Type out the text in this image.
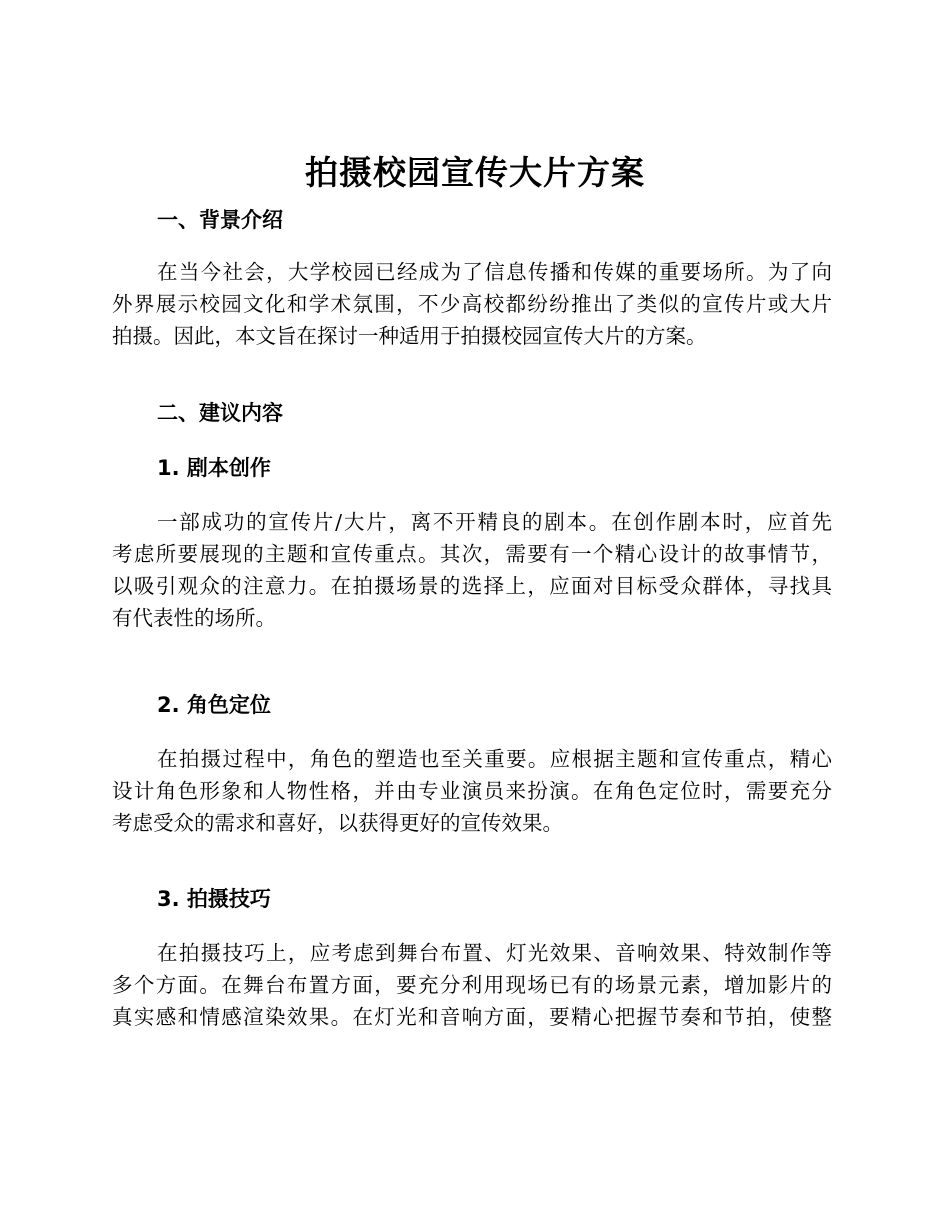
拍摄校园宣传大片方案
一、背景介绍
在当今社会，大学校园已经成为了信息传播和传媒的重要场所。为了向
外界展示校园文化和学术氛围，不少高校都纷纷推出了类似的宣传片或大片
拍摄。因此，本文旨在探讨一种适用于拍摄校园宣传大片的方案。
二、建议内容
1. 剧本创作
一部成功的宣传片/大片，离不开精良的剧本。在创作剧本时，应首先
考虑所要展现的主题和宣传重点。其次，需要有一个精心设计的故事情节，
以吸引观众的注意力。在拍摄场景的选择上，应面对目标受众群体，寻找具
有代表性的场所。
2. 角色定位
在拍摄过程中，角色的塑造也至关重要。应根据主题和宣传重点，精心
设计角色形象和人物性格，并由专业演员来扮演。在角色定位时，需要充分
考虑受众的需求和喜好，以获得更好的宣传效果。
3. 拍摄技巧
在拍摄技巧上，应考虑到舞台布置、灯光效果、音响效果、特效制作等
多个方面。在舞台布置方面，要充分利用现场已有的场景元素，增加影片的
真实感和情感渲染效果。在灯光和音响方面，要精心把握节奏和节拍，使整
